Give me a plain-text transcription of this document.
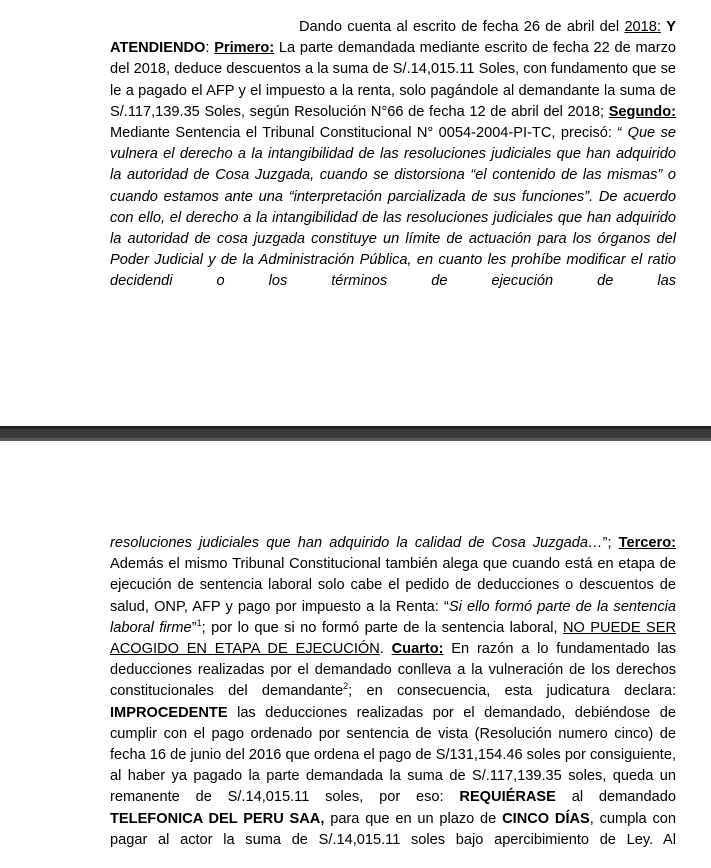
Dando cuenta al escrito de fecha 26 de abril del 2018: Y ATENDIENDO: Primero: La parte demandada mediante escrito de fecha 22 de marzo del 2018, deduce descuentos a la suma de S/.14,015.11 Soles, con fundamento que se le a pagado el AFP y el impuesto a la renta, solo pagándole al demandante la suma de S/.117,139.35 Soles, según Resolución N°66 de fecha 12 de abril del 2018; Segundo: Mediante Sentencia el Tribunal Constitucional N° 0054-2004-PI-TC, precisó: “ Que se vulnera el derecho a la intangibilidad de las resoluciones judiciales que han adquirido la autoridad de Cosa Juzgada, cuando se distorsiona “el contenido de las mismas” o cuando estamos ante una “interpretación parcializada de sus funciones”. De acuerdo con ello, el derecho a la intangibilidad de las resoluciones judiciales que han adquirido la autoridad de cosa juzgada constituye un límite de actuación para los órganos del Poder Judicial y de la Administración Pública, en cuanto les prohíbe modificar el ratio decidendi o los términos de ejecución de las
resoluciones judiciales que han adquirido la calidad de Cosa Juzgada…”; Tercero: Además el mismo Tribunal Constitucional también alega que cuando está en etapa de ejecución de sentencia laboral solo cabe el pedido de deducciones o descuentos de salud, ONP, AFP y pago por impuesto a la Renta: “Si ello formó parte de la sentencia laboral firme”$^1$; por lo que si no formó parte de la sentencia laboral, NO PUEDE SER ACOGIDO EN ETAPA DE EJECUCIÓN. Cuarto: En razón a lo fundamentado las deducciones realizadas por el demandado conlleva a la vulneración de los derechos constitucionales del demandante$^2$; en consecuencia, esta judicatura declara: IMPROCEDENTE las deducciones realizadas por el demandado, debiéndose de cumplir con el pago ordenado por sentencia de vista (Resolución numero cinco) de fecha 16 de junio del 2016 que ordena el pago de S/131,154.46 soles por consiguiente, al haber ya pagado la parte demandada la suma de S/.117,139.35 soles, queda un remanente de S/.14,015.11 soles, por eso: REQUIÉRASE al demandado TELEFONICA DEL PERU SAA, para que en un plazo de CINCO DÍAS, cumpla con pagar al actor la suma de S/.14,015.11 soles bajo apercibimiento de Ley. Al
